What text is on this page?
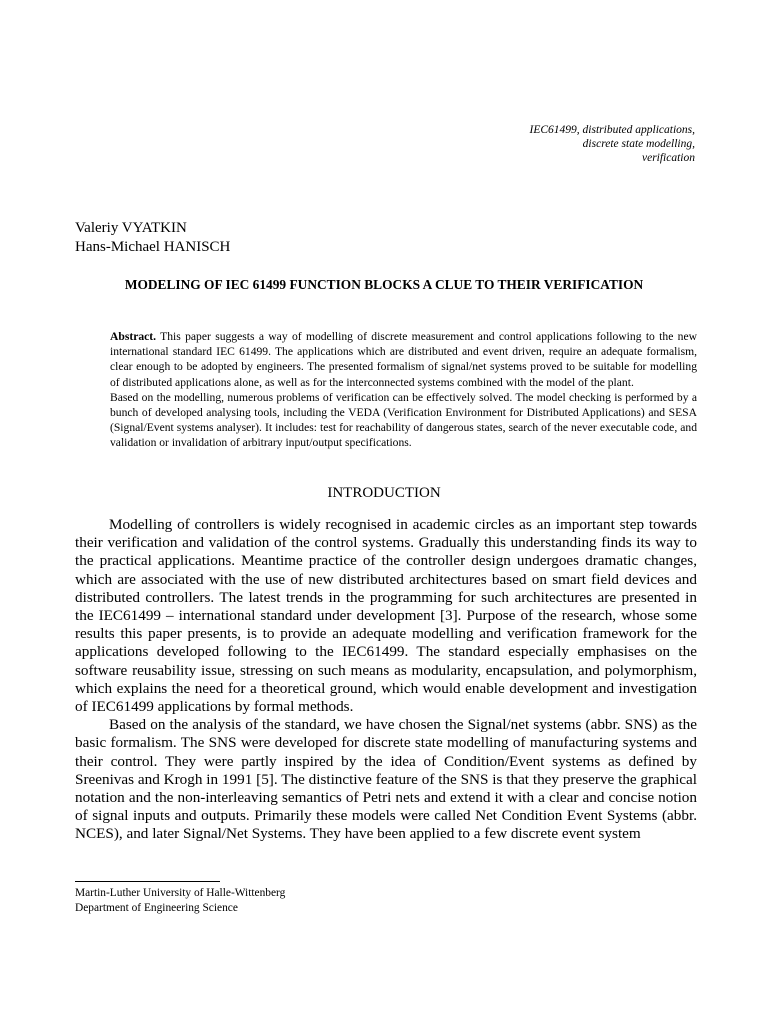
IEC61499, distributed applications,
discrete state modelling,
verification
Valeriy VYATKIN
Hans-Michael HANISCH
MODELING OF IEC 61499 FUNCTION BLOCKS A CLUE TO THEIR VERIFICATION

Abstract. This paper suggests a way of modelling of discrete measurement and control applications following to the new international standard IEC 61499. The applications which are distributed and event driven, require an adequate formalism, clear enough to be adopted by engineers. The presented formalism of signal/net systems proved to be suitable for modelling of distributed applications alone, as well as for the interconnected systems combined with the model of the plant.

Based on the modelling, numerous problems of verification can be effectively solved. The model checking is performed by a bunch of developed analysing tools, including the VEDA (Verification Environment for Distributed Applications) and SESA (Signal/Event systems analyser). It includes: test for reachability of dangerous states, search of the never executable code, and validation or invalidation of arbitrary input/output specifications.

INTRODUCTION

Modelling of controllers is widely recognised in academic circles as an important step towards their verification and validation of the control systems. Gradually this understanding finds its way to the practical applications. Meantime practice of the controller design undergoes dramatic changes, which are associated with the use of new distributed architectures based on smart field devices and distributed controllers. The latest trends in the programming for such architectures are presented in the IEC61499 – international standard under development [3]. Purpose of the research, whose some results this paper presents, is to provide an adequate modelling and verification framework for the applications developed following to the IEC61499. The standard especially emphasises on the software reusability issue, stressing on such means as modularity, encapsulation, and polymorphism, which explains the need for a theoretical ground, which would enable development and investigation of IEC61499 applications by formal methods.

Based on the analysis of the standard, we have chosen the Signal/net systems (abbr. SNS) as the basic formalism. The SNS were developed for discrete state modelling of manufacturing systems and their control. They were partly inspired by the idea of Condition/Event systems as defined by Sreenivas and Krogh in 1991 [5]. The distinctive feature of the SNS is that they preserve the graphical notation and the non-interleaving semantics of Petri nets and extend it with a clear and concise notion of signal inputs and outputs. Primarily these models were called Net Condition Event Systems (abbr. NCES), and later Signal/Net Systems. They have been applied to a few discrete event system

Martin-Luther University of Halle-Wittenberg
Department of Engineering Science
